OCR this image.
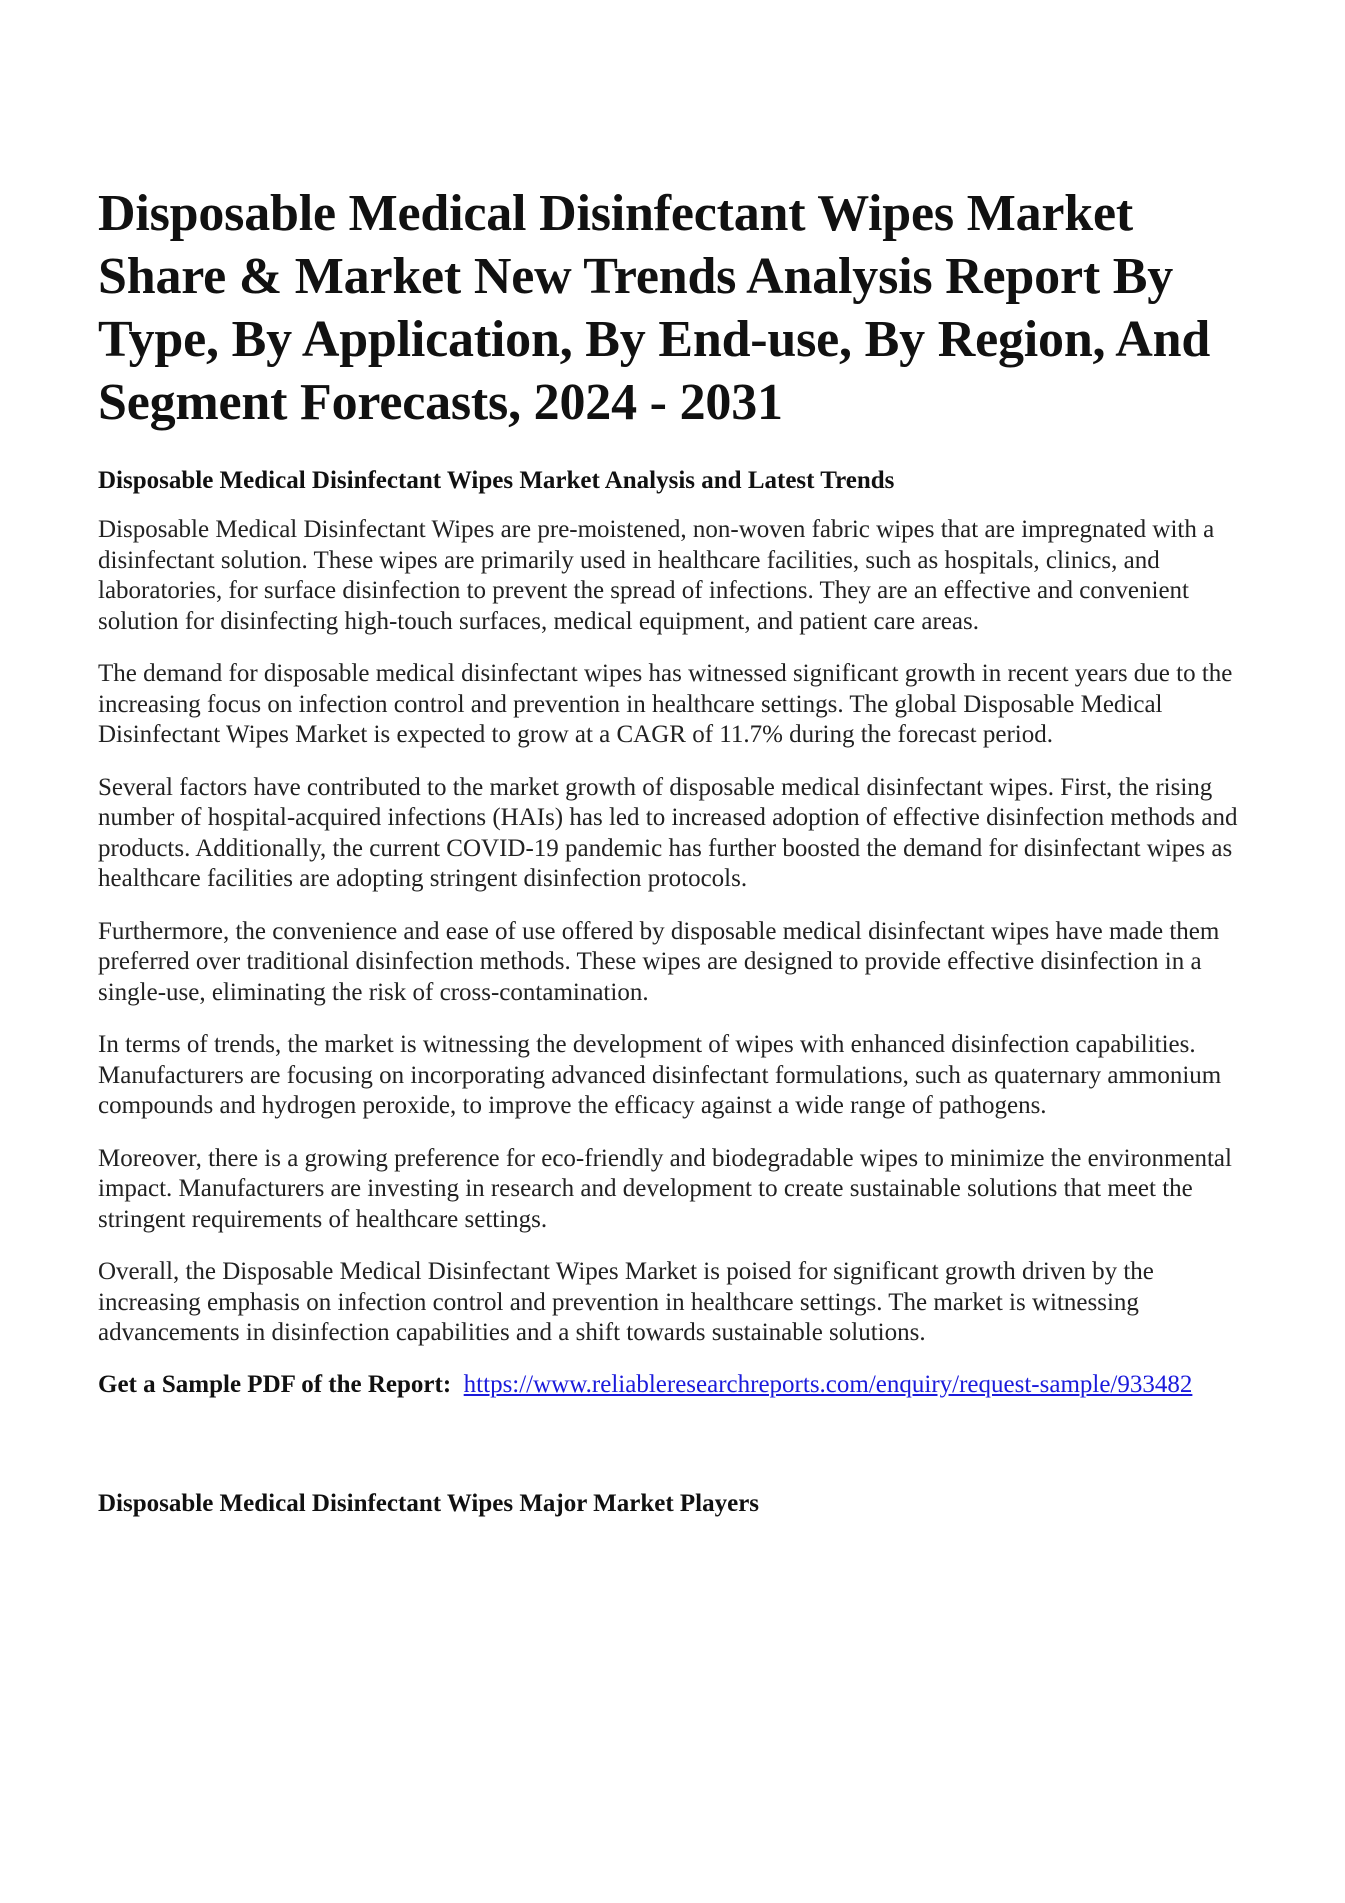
Disposable Medical Disinfectant Wipes Market Share & Market New Trends Analysis Report By Type, By Application, By End-use, By Region, And Segment Forecasts, 2024 - 2031
Disposable Medical Disinfectant Wipes Market Analysis and Latest Trends

Disposable Medical Disinfectant Wipes are pre-moistened, non-woven fabric wipes that are impregnated with a disinfectant solution. These wipes are primarily used in healthcare facilities, such as hospitals, clinics, and laboratories, for surface disinfection to prevent the spread of infections. They are an effective and convenient solution for disinfecting high-touch surfaces, medical equipment, and patient care areas.

The demand for disposable medical disinfectant wipes has witnessed significant growth in recent years due to the increasing focus on infection control and prevention in healthcare settings. The global Disposable Medical Disinfectant Wipes Market is expected to grow at a CAGR of 11.7% during the forecast period.

Several factors have contributed to the market growth of disposable medical disinfectant wipes. First, the rising number of hospital-acquired infections (HAIs) has led to increased adoption of effective disinfection methods and products. Additionally, the current COVID-19 pandemic has further boosted the demand for disinfectant wipes as healthcare facilities are adopting stringent disinfection protocols.

Furthermore, the convenience and ease of use offered by disposable medical disinfectant wipes have made them preferred over traditional disinfection methods. These wipes are designed to provide effective disinfection in a single-use, eliminating the risk of cross-contamination.

In terms of trends, the market is witnessing the development of wipes with enhanced disinfection capabilities. Manufacturers are focusing on incorporating advanced disinfectant formulations, such as quaternary ammonium compounds and hydrogen peroxide, to improve the efficacy against a wide range of pathogens.

Moreover, there is a growing preference for eco-friendly and biodegradable wipes to minimize the environmental impact. Manufacturers are investing in research and development to create sustainable solutions that meet the stringent requirements of healthcare settings.

Overall, the Disposable Medical Disinfectant Wipes Market is poised for significant growth driven by the increasing emphasis on infection control and prevention in healthcare settings. The market is witnessing advancements in disinfection capabilities and a shift towards sustainable solutions.

Get a Sample PDF of the Report: https://www.reliableresearchreports.com/enquiry/request-sample/933482
Disposable Medical Disinfectant Wipes Major Market Players
